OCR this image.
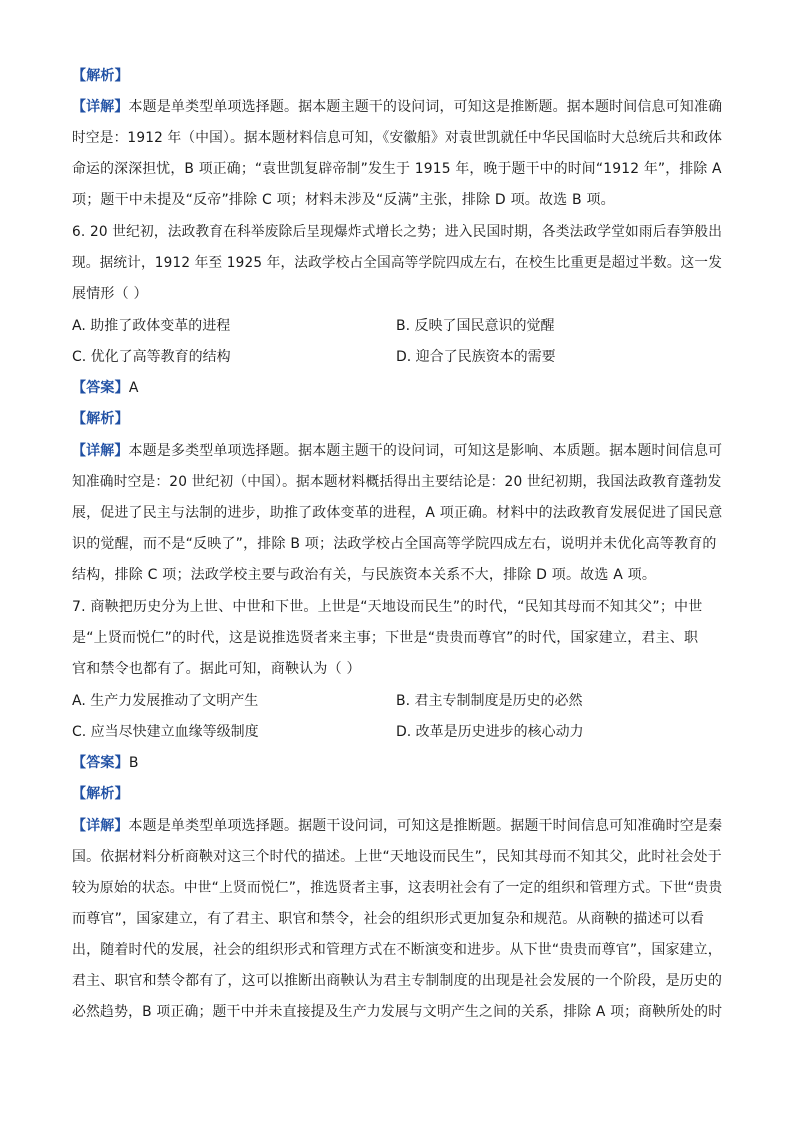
【解析】
【详解】本题是单类型单项选择题。据本题主题干的设问词，可知这是推断题。据本题时间信息可知准确
时空是：1912 年（中国）。据本题材料信息可知，《安徽船》对袁世凯就任中华民国临时大总统后共和政体
命运的深深担忧，B 项正确；“袁世凯复辟帝制”发生于 1915 年，晚于题干中的时间“1912 年”，排除 A
项；题干中未提及“反帝”排除 C 项；材料未涉及“反满”主张，排除 D 项。故选 B 项。
6. 20 世纪初，法政教育在科举废除后呈现爆炸式增长之势；进入民国时期，各类法政学堂如雨后春笋般出
现。据统计，1912 年至 1925 年，法政学校占全国高等学院四成左右，在校生比重更是超过半数。这一发
展情形（ ）
A. 助推了政体变革的进程	B. 反映了国民意识的觉醒
C. 优化了高等教育的结构	D. 迎合了民族资本的需要
【答案】A
【解析】
【详解】本题是多类型单项选择题。据本题主题干的设问词，可知这是影响、本质题。据本题时间信息可
知准确时空是：20 世纪初（中国）。据本题材料概括得出主要结论是：20 世纪初期，我国法政教育蓬勃发
展，促进了民主与法制的进步，助推了政体变革的进程，A 项正确。材料中的法政教育发展促进了国民意
识的觉醒，而不是“反映了”，排除 B 项；法政学校占全国高等学院四成左右，说明并未优化高等教育的
结构，排除 C 项；法政学校主要与政治有关，与民族资本关系不大，排除 D 项。故选 A 项。
7. 商鞅把历史分为上世、中世和下世。上世是“天地设而民生”的时代，“民知其母而不知其父”；中世
是“上贤而悦仁”的时代，这是说推选贤者来主事；下世是“贵贵而尊官”的时代，国家建立，君主、职
官和禁令也都有了。据此可知，商鞅认为（ ）
A. 生产力发展推动了文明产生	B. 君主专制制度是历史的必然
C. 应当尽快建立血缘等级制度	D. 改革是历史进步的核心动力
【答案】B
【解析】
【详解】本题是单类型单项选择题。据题干设问词，可知这是推断题。据题干时间信息可知准确时空是秦
国。依据材料分析商鞅对这三个时代的描述。上世“天地设而民生”，民知其母而不知其父，此时社会处于
较为原始的状态。中世“上贤而悦仁”，推选贤者主事，这表明社会有了一定的组织和管理方式。下世“贵贵
而尊官”，国家建立，有了君主、职官和禁令，社会的组织形式更加复杂和规范。从商鞅的描述可以看
出，随着时代的发展，社会的组织形式和管理方式在不断演变和进步。从下世“贵贵而尊官”，国家建立，
君主、职官和禁令都有了，这可以推断出商鞅认为君主专制制度的出现是社会发展的一个阶段，是历史的
必然趋势，B 项正确；题干中并未直接提及生产力发展与文明产生之间的关系，排除 A 项；商鞅所处的时
